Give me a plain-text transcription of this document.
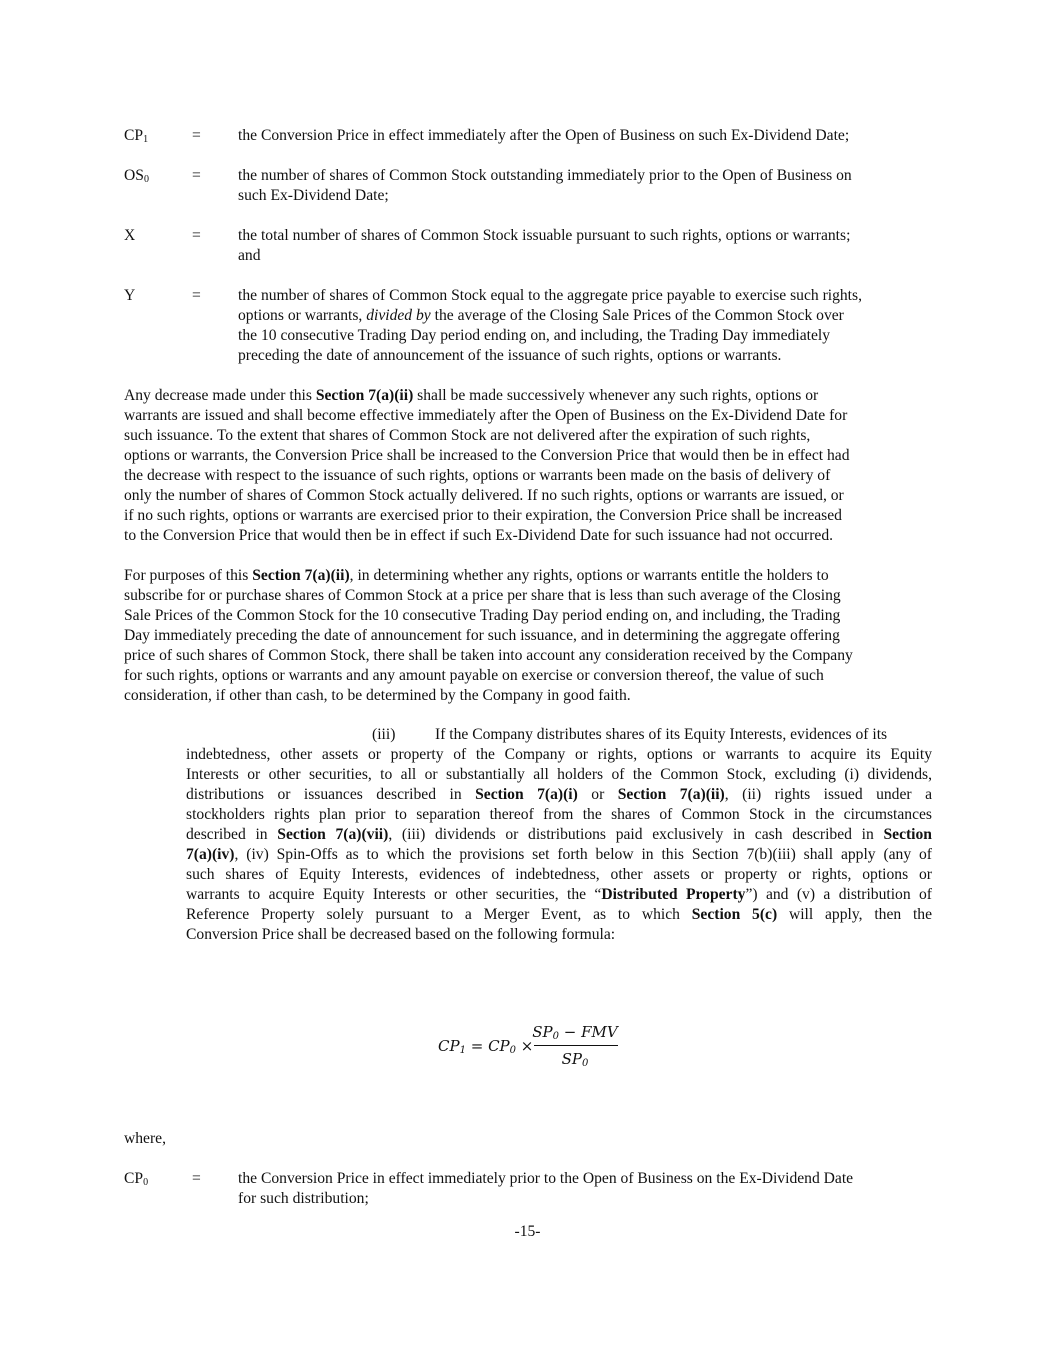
$CP_1$	= the Conversion Price in effect immediately after the Open of Business on such Ex-Dividend Date;
$OS_0$	= the number of shares of Common Stock outstanding immediately prior to the Open of Business on
such Ex-Dividend Date;
X	= the total number of shares of Common Stock issuable pursuant to such rights, options or warrants;
and
Y	= the number of shares of Common Stock equal to the aggregate price payable to exercise such rights,
options or warrants, divided by the average of the Closing Sale Prices of the Common Stock over
the 10 consecutive Trading Day period ending on, and including, the Trading Day immediately
preceding the date of announcement of the issuance of such rights, options or warrants.
Any decrease made under this Section 7(a)(ii) shall be made successively whenever any such rights, options or
warrants are issued and shall become effective immediately after the Open of Business on the Ex-Dividend Date for
such issuance. To the extent that shares of Common Stock are not delivered after the expiration of such rights,
options or warrants, the Conversion Price shall be increased to the Conversion Price that would then be in effect had
the decrease with respect to the issuance of such rights, options or warrants been made on the basis of delivery of
only the number of shares of Common Stock actually delivered. If no such rights, options or warrants are issued, or
if no such rights, options or warrants are exercised prior to their expiration, the Conversion Price shall be increased
to the Conversion Price that would then be in effect if such Ex-Dividend Date for such issuance had not occurred.
For purposes of this Section 7(a)(ii), in determining whether any rights, options or warrants entitle the holders to
subscribe for or purchase shares of Common Stock at a price per share that is less than such average of the Closing
Sale Prices of the Common Stock for the 10 consecutive Trading Day period ending on, and including, the Trading
Day immediately preceding the date of announcement for such issuance, and in determining the aggregate offering
price of such shares of Common Stock, there shall be taken into account any consideration received by the Company
for such rights, options or warrants and any amount payable on exercise or conversion thereof, the value of such
consideration, if other than cash, to be determined by the Company in good faith.
(iii)	If the Company distributes shares of its Equity Interests, evidences of its
indebtedness, other assets or property of the Company or rights, options or warrants to acquire its Equity
Interests or other securities, to all or substantially all holders of the Common Stock, excluding (i) dividends,
distributions or issuances described in Section 7(a)(i) or Section 7(a)(ii), (ii) rights issued under a
stockholders rights plan prior to separation thereof from the shares of Common Stock in the circumstances
described in Section 7(a)(vii), (iii) dividends or distributions paid exclusively in cash described in Section
7(a)(iv), (iv) Spin-Offs as to which the provisions set forth below in this Section 7(b)(iii) shall apply (any of
such shares of Equity Interests, evidences of indebtedness, other assets or property or rights, options or
warrants to acquire Equity Interests or other securities, the “Distributed Property”) and (v) a distribution of
Reference Property solely pursuant to a Merger Event, as to which Section 5(c) will apply, then the
Conversion Price shall be decreased based on the following formula:
$CP_1 = CP_0$ ×
$SP_0$ − FMV
$SP_0$
where,
$CP_0$	= the Conversion Price in effect immediately prior to the Open of Business on the Ex-Dividend Date
for such distribution;
-15-
